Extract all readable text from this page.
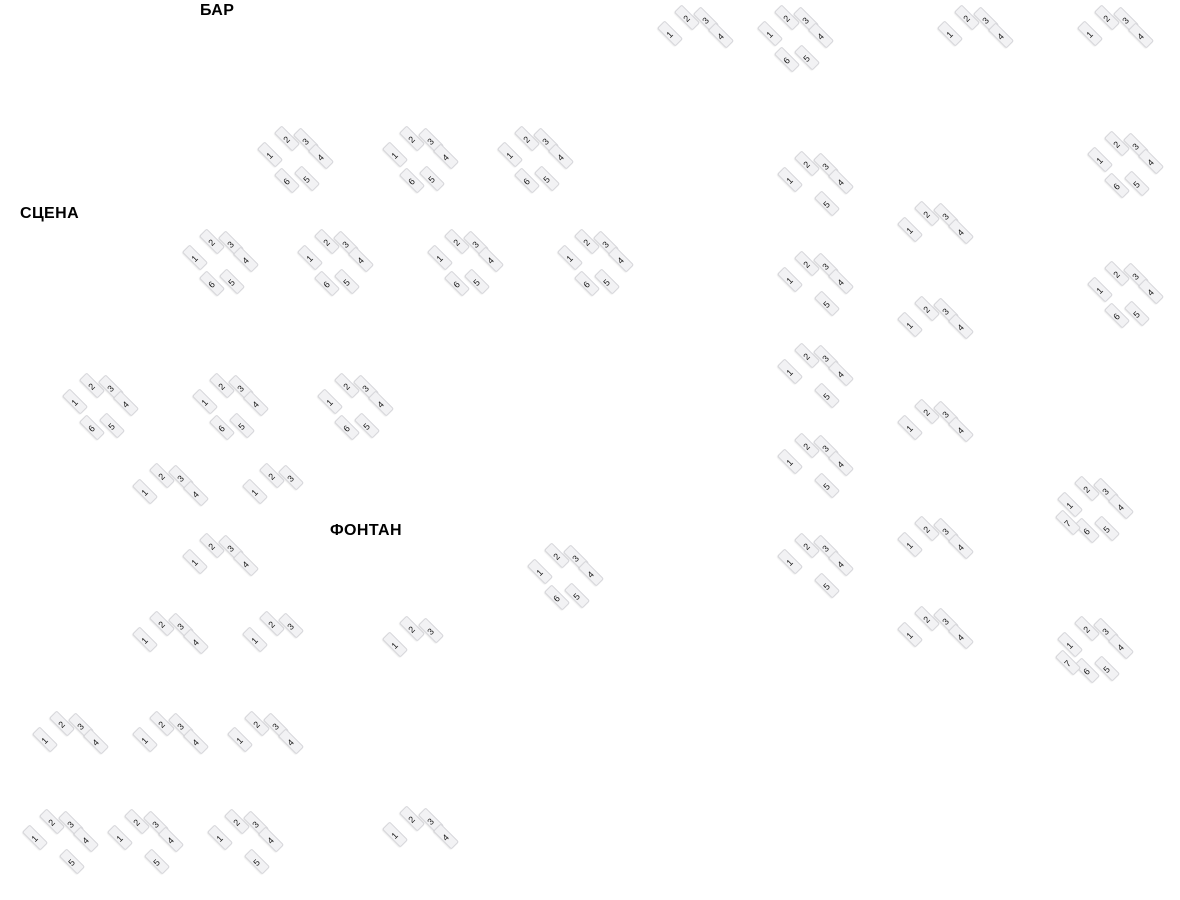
БАР
СЦЕНА
ФОНТАН
1
2 3
4	1
2 3
4
5
6
1
2 3
4	1
2 3
4
1
2 3
4
5
6
1
2 3
4
5
6
1
2 3
4
5
6	1
2 3
4
5
1
2 3
4
5
6
1
2 3
4
5
6
1
2 3
4
5
6
1
2 3
4
5
6
1
2 3
4
5
6
1
2 3
4
1
2 3
4
5
1
2 3
4
5
6
1
2 3
4
5
6
1
2 3
4
5
6
1
2 3
4
5
6
1
2 3
4
1
2 3
4
5
1
2 3
4	1
2 3
1
2 3
4
1
2 3
4
5
1
2 3
4
5
6
7
1
2 3
4
1
2 3
4
5
6
1
2 3
4
1
2 3
4
5
1
2 3
4	1
2 3
1
2 3	1
2 3
4
1
2 3
4
5
6
7
1
2 3
4	1
2 3
4	1
2 3
4
1
2 3
4
5
1
2 3
4
5
1
2 3
4
5
1
2 3
4
